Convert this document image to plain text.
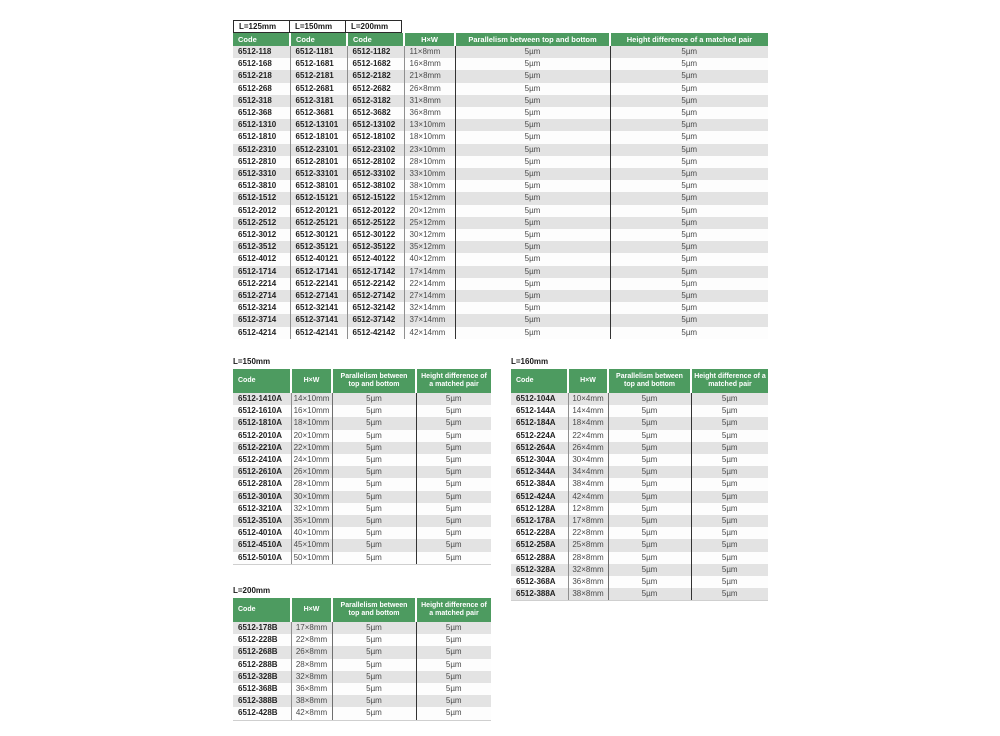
L=125mm	L=150mm	L=200mm
Code	Code	Code	H×W	Parallelism between top and bottom	Height difference of a matched pair
6512-118	6512-1181	6512-1182	11×8mm	5µm	5µm
6512-168	6512-1681	6512-1682	16×8mm	5µm	5µm
6512-218	6512-2181	6512-2182	21×8mm	5µm	5µm
6512-268	6512-2681	6512-2682	26×8mm	5µm	5µm
6512-318	6512-3181	6512-3182	31×8mm	5µm	5µm
6512-368	6512-3681	6512-3682	36×8mm	5µm	5µm
6512-1310	6512-13101	6512-13102	13×10mm	5µm	5µm
6512-1810	6512-18101	6512-18102	18×10mm	5µm	5µm
6512-2310	6512-23101	6512-23102	23×10mm	5µm	5µm
6512-2810	6512-28101	6512-28102	28×10mm	5µm	5µm
6512-3310	6512-33101	6512-33102	33×10mm	5µm	5µm
6512-3810	6512-38101	6512-38102	38×10mm	5µm	5µm
6512-1512	6512-15121	6512-15122	15×12mm	5µm	5µm
6512-2012	6512-20121	6512-20122	20×12mm	5µm	5µm
6512-2512	6512-25121	6512-25122	25×12mm	5µm	5µm
6512-3012	6512-30121	6512-30122	30×12mm	5µm	5µm
6512-3512	6512-35121	6512-35122	35×12mm	5µm	5µm
6512-4012	6512-40121	6512-40122	40×12mm	5µm	5µm
6512-1714	6512-17141	6512-17142	17×14mm	5µm	5µm
6512-2214	6512-22141	6512-22142	22×14mm	5µm	5µm
6512-2714	6512-27141	6512-27142	27×14mm	5µm	5µm
6512-3214	6512-32141	6512-32142	32×14mm	5µm	5µm
6512-3714	6512-37141	6512-37142	37×14mm	5µm	5µm
6512-4214	6512-42141	6512-42142	42×14mm	5µm	5µm
L=150mm
Code	H×W	Parallelism between top and bottom	Height difference of a matched pair
6512-1410A	14×10mm	5µm	5µm
6512-1610A	16×10mm	5µm	5µm
6512-1810A	18×10mm	5µm	5µm
6512-2010A	20×10mm	5µm	5µm
6512-2210A	22×10mm	5µm	5µm
6512-2410A	24×10mm	5µm	5µm
6512-2610A	26×10mm	5µm	5µm
6512-2810A	28×10mm	5µm	5µm
6512-3010A	30×10mm	5µm	5µm
6512-3210A	32×10mm	5µm	5µm
6512-3510A	35×10mm	5µm	5µm
6512-4010A	40×10mm	5µm	5µm
6512-4510A	45×10mm	5µm	5µm
6512-5010A	50×10mm	5µm	5µm
L=160mm
Code	H×W	Parallelism between top and bottom	Height difference of a matched pair
6512-104A	10×4mm	5µm	5µm
6512-144A	14×4mm	5µm	5µm
6512-184A	18×4mm	5µm	5µm
6512-224A	22×4mm	5µm	5µm
6512-264A	26×4mm	5µm	5µm
6512-304A	30×4mm	5µm	5µm
6512-344A	34×4mm	5µm	5µm
6512-384A	38×4mm	5µm	5µm
6512-424A	42×4mm	5µm	5µm
6512-128A	12×8mm	5µm	5µm
6512-178A	17×8mm	5µm	5µm
6512-228A	22×8mm	5µm	5µm
6512-258A	25×8mm	5µm	5µm
6512-288A	28×8mm	5µm	5µm
6512-328A	32×8mm	5µm	5µm
6512-368A	36×8mm	5µm	5µm
6512-388A	38×8mm	5µm	5µm
L=200mm
Code	H×W	Parallelism between top and bottom	Height difference of a matched pair
6512-178B	17×8mm	5µm	5µm
6512-228B	22×8mm	5µm	5µm
6512-268B	26×8mm	5µm	5µm
6512-288B	28×8mm	5µm	5µm
6512-328B	32×8mm	5µm	5µm
6512-368B	36×8mm	5µm	5µm
6512-388B	38×8mm	5µm	5µm
6512-428B	42×8mm	5µm	5µm
